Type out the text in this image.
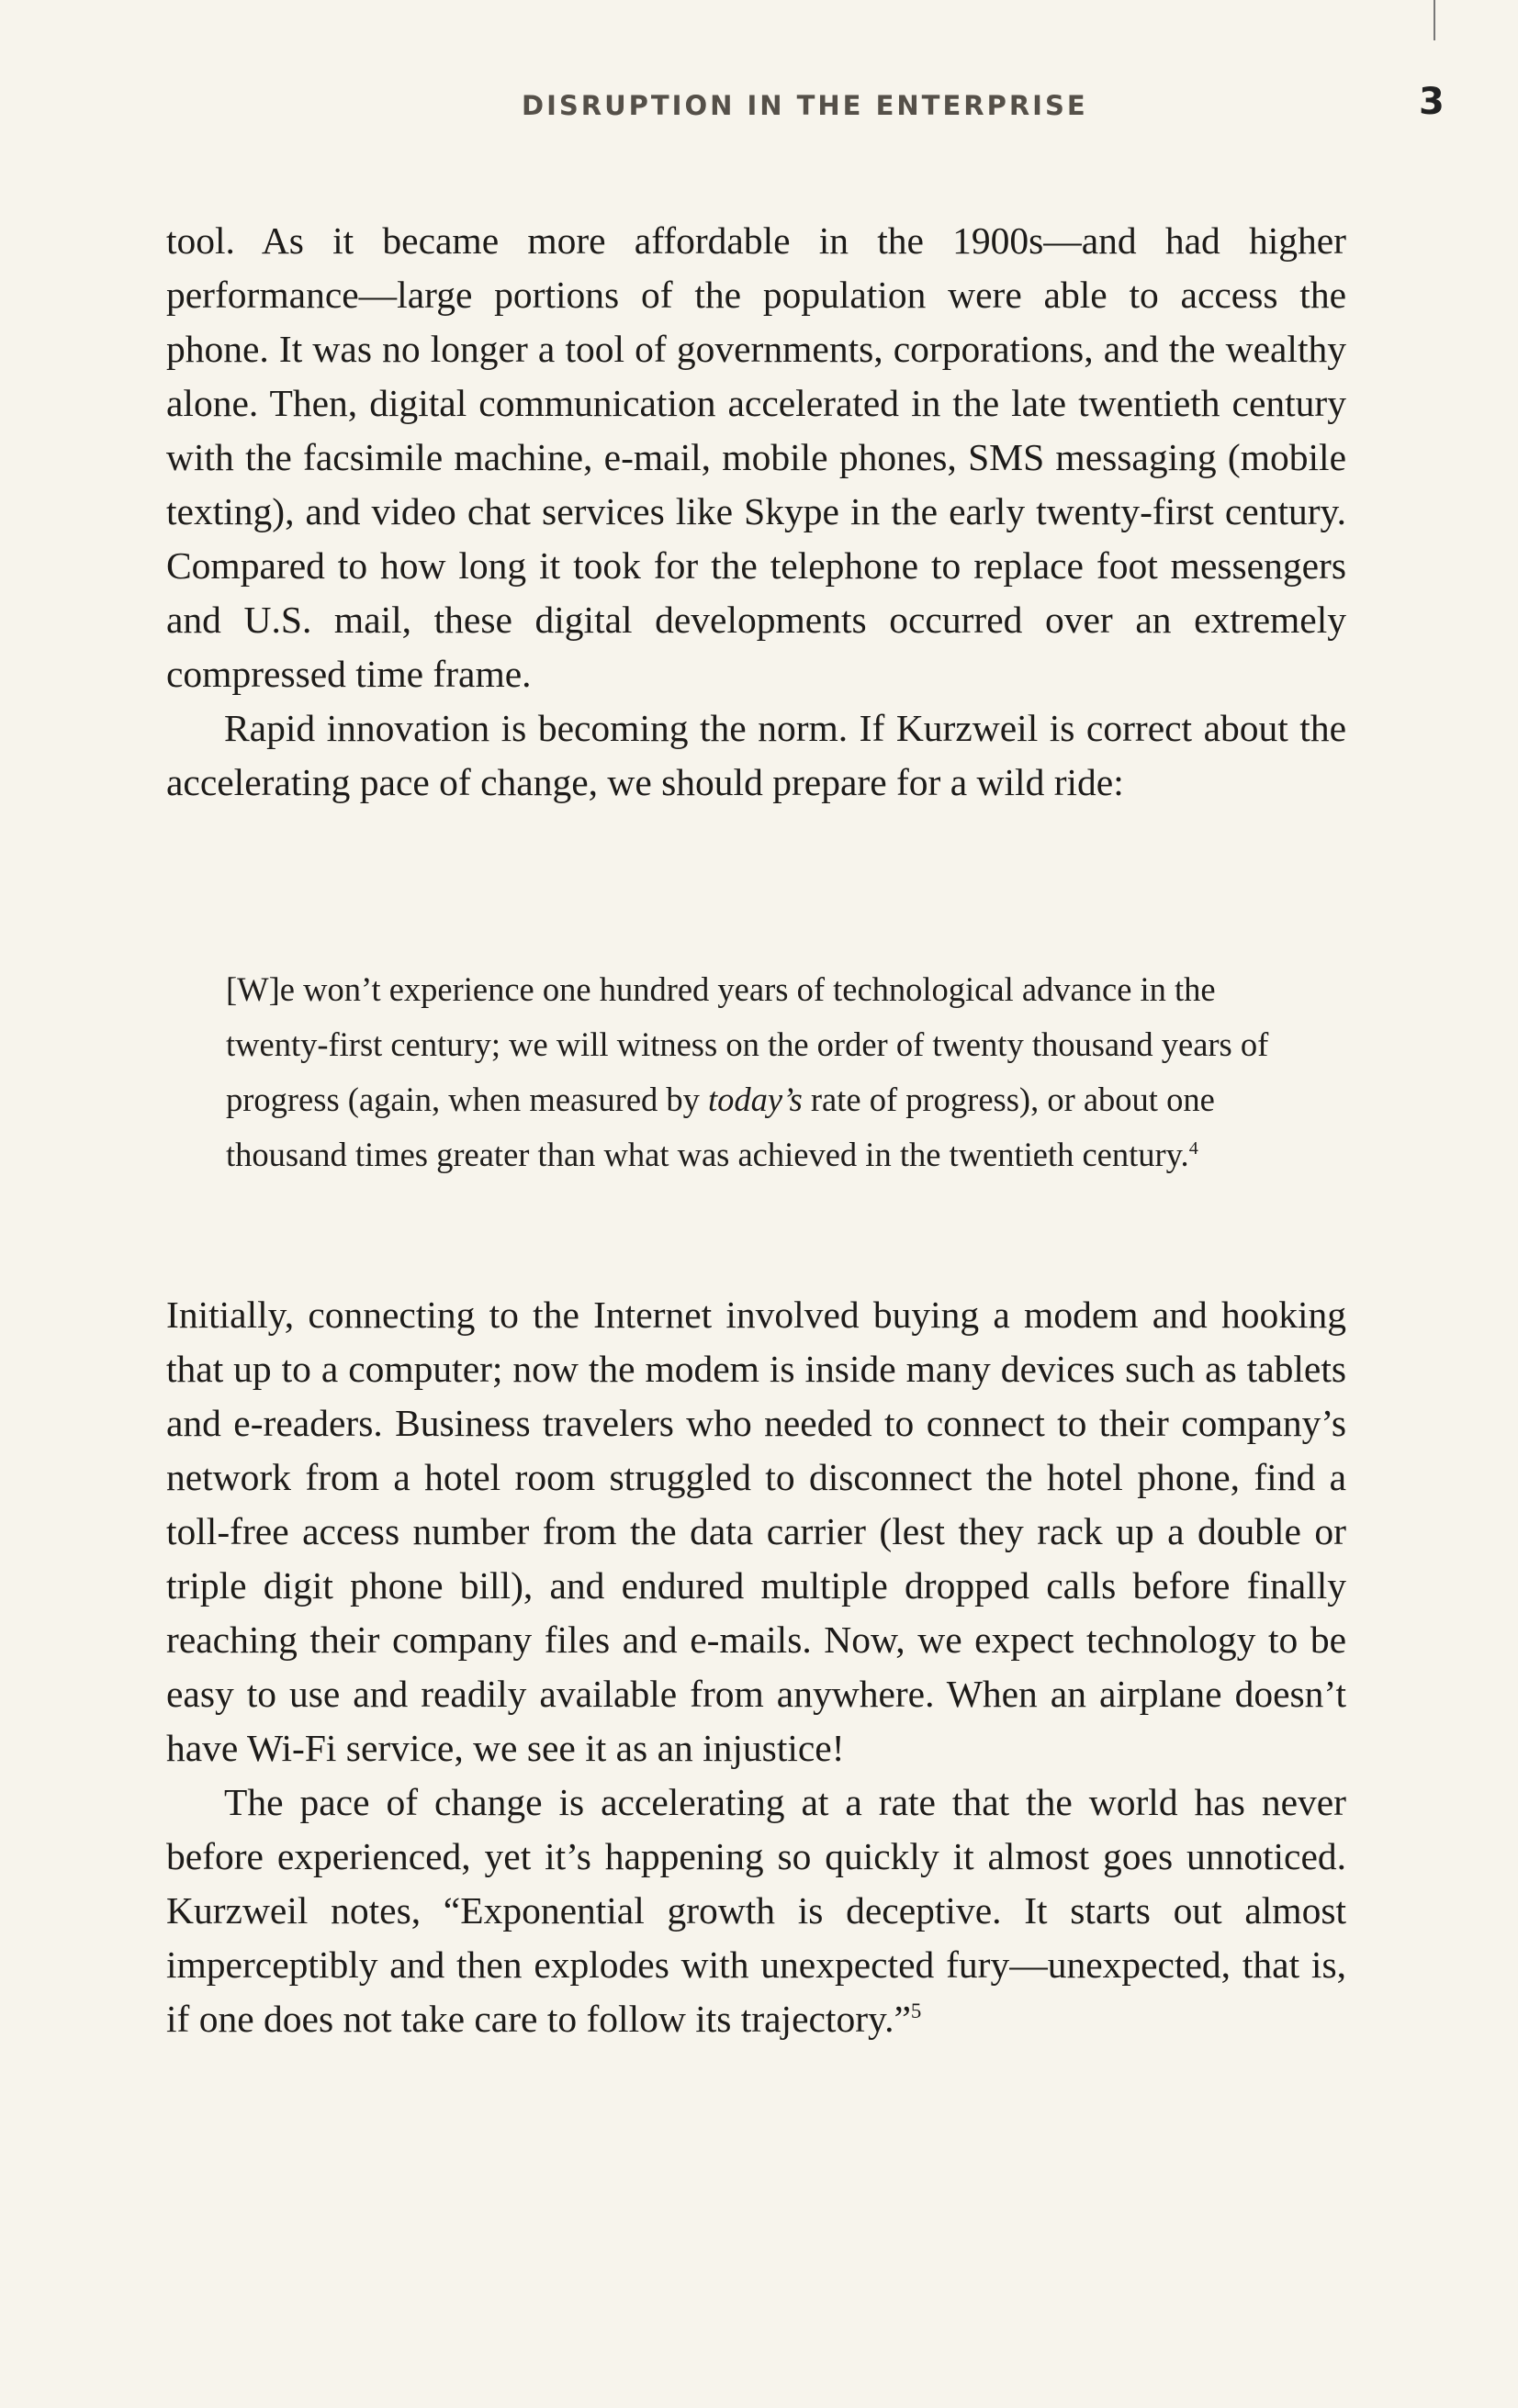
DISRUPTION IN THE ENTERPRISE	3

tool. As it became more affordable in the 1900s—and had higher performance—large portions of the population were able to access the phone. It was no longer a tool of governments, corporations, and the wealthy alone. Then, digital communication accelerated in the late twentieth century with the facsimile machine, e-mail, mobile phones, SMS messaging (mobile texting), and video chat services like Skype in the early twenty-first century. Compared to how long it took for the telephone to replace foot messengers and U.S. mail, these digital developments occurred over an extremely compressed time frame.

Rapid innovation is becoming the norm. If Kurzweil is correct about the accelerating pace of change, we should prepare for a wild ride:

[W]e won’t experience one hundred years of technological advance in the twenty-first century; we will witness on the order of twenty thousand years of progress (again, when measured by today’s rate of progress), or about one thousand times greater than what was achieved in the twentieth century.$^4$

Initially, connecting to the Internet involved buying a modem and hooking that up to a computer; now the modem is inside many devices such as tablets and e-readers. Business travelers who needed to connect to their company’s network from a hotel room struggled to disconnect the hotel phone, find a toll-free access number from the data carrier (lest they rack up a double or triple digit phone bill), and endured multiple dropped calls before finally reaching their company files and e-mails. Now, we expect technology to be easy to use and readily available from anywhere. When an airplane doesn’t have Wi-Fi service, we see it as an injustice!

The pace of change is accelerating at a rate that the world has never before experienced, yet it’s happening so quickly it almost goes unnoticed. Kurzweil notes, “Exponential growth is deceptive. It starts out almost imperceptibly and then explodes with unexpected fury—unexpected, that is, if one does not take care to follow its trajectory.”$^5$
